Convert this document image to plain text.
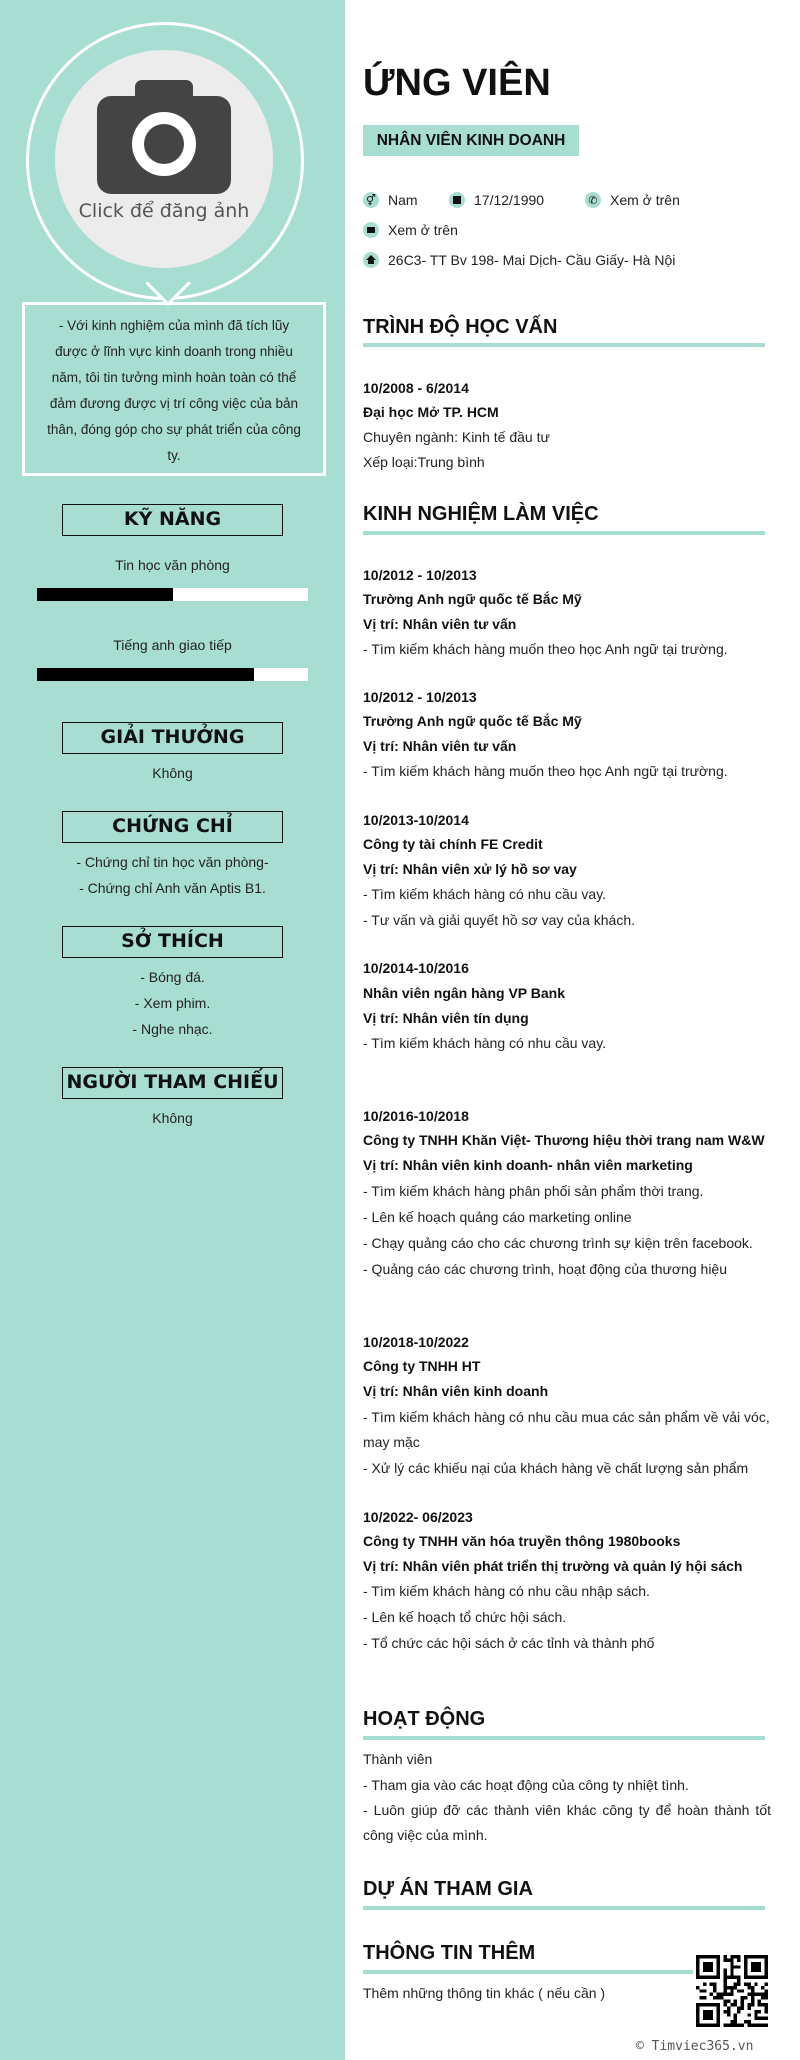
Click để đăng ảnh
- Với kinh nghiệm của mình đã tích lũy được ở lĩnh vực kinh doanh trong nhiều năm, tôi tin tưởng mình hoàn toàn có thể đảm đương được vị trí công việc của bản thân, đóng góp cho sự phát triển của công ty.
KỸ NĂNG
Tin học văn phòng
Tiếng anh giao tiếp
GIẢI THƯỞNG
Không
CHỨNG CHỈ
- Chứng chỉ tin học văn phòng-
- Chứng chỉ Anh văn Aptis B1.
SỞ THÍCH
- Bóng đá.
- Xem phim.
- Nghe nhạc.
NGƯỜI THAM CHIẾU
Không
ỨNG VIÊN
NHÂN VIÊN KINH DOANH
⚥ Nam	17/12/1990	✆ Xem ở trên
Xem ở trên
26C3- TT Bv 198- Mai Dịch- Cầu Giấy- Hà Nội
TRÌNH ĐỘ HỌC VẤN
10/2008 - 6/2014
Đại học Mở TP. HCM
Chuyên ngành: Kinh tế đầu tư
Xếp loại:Trung bình
KINH NGHIỆM LÀM VIỆC
10/2012 - 10/2013
Trường Anh ngữ quốc tế Bắc Mỹ
Vị trí: Nhân viên tư vấn
- Tìm kiếm khách hàng muốn theo học Anh ngữ tại trường.
10/2012 - 10/2013
Trường Anh ngữ quốc tế Bắc Mỹ
Vị trí: Nhân viên tư vấn
- Tìm kiếm khách hàng muốn theo học Anh ngữ tại trường.
10/2013-10/2014
Công ty tài chính FE Credit
Vị trí: Nhân viên xử lý hồ sơ vay
- Tìm kiếm khách hàng có nhu cầu vay.
- Tư vấn và giải quyết hồ sơ vay của khách.
10/2014-10/2016
Nhân viên ngân hàng VP Bank
Vị trí: Nhân viên tín dụng
- Tìm kiếm khách hàng có nhu cầu vay.
10/2016-10/2018
Công ty TNHH Khăn Việt- Thương hiệu thời trang nam W&W
Vị trí: Nhân viên kinh doanh- nhân viên marketing
- Tìm kiếm khách hàng phân phối sản phẩm thời trang.
- Lên kế hoạch quảng cáo marketing online
- Chạy quảng cáo cho các chương trình sự kiện trên facebook.
- Quảng cáo các chương trình, hoạt động của thương hiệu
10/2018-10/2022
Công ty TNHH HT
Vị trí: Nhân viên kinh doanh
- Tìm kiếm khách hàng có nhu cầu mua các sản phẩm về vải vóc, may mặc
- Xử lý các khiếu nại của khách hàng về chất lượng sản phẩm
10/2022- 06/2023
Công ty TNHH văn hóa truyền thông 1980books
Vị trí: Nhân viên phát triển thị trường và quản lý hội sách
- Tìm kiếm khách hàng có nhu cầu nhập sách.
- Lên kế hoạch tổ chức hội sách.
- Tổ chức các hội sách ở các tỉnh và thành phố
HOẠT ĐỘNG
Thành viên
- Tham gia vào các hoạt động của công ty nhiệt tình.
- Luôn giúp đỡ các thành viên khác công ty để hoàn thành tốt công việc của mình.
DỰ ÁN THAM GIA
THÔNG TIN THÊM
Thêm những thông tin khác ( nếu cần )
© Timviec365.vn
